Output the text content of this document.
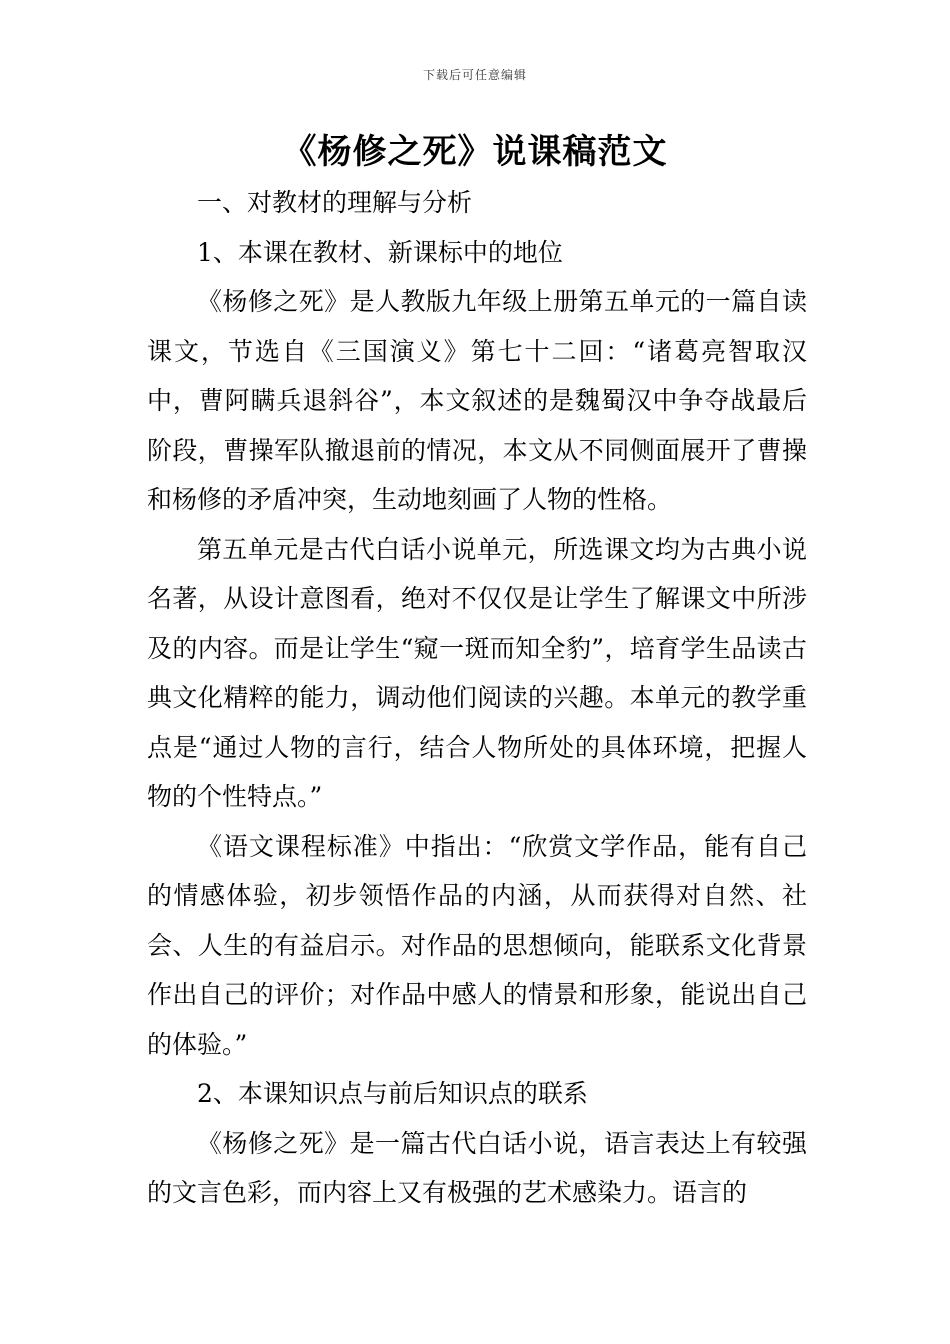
下载后可任意编辑
《杨修之死》说课稿范文

一、对教材的理解与分析

1、本课在教材、新课标中的地位

《杨修之死》是人教版九年级上册第五单元的一篇自读课文，节选自《三国演义》第七十二回：“诸葛亮智取汉中，曹阿瞒兵退斜谷”，本文叙述的是魏蜀汉中争夺战最后阶段，曹操军队撤退前的情况，本文从不同侧面展开了曹操和杨修的矛盾冲突，生动地刻画了人物的性格。

第五单元是古代白话小说单元，所选课文均为古典小说名著，从设计意图看，绝对不仅仅是让学生了解课文中所涉及的内容。而是让学生“窥一斑而知全豹”，培育学生品读古典文化精粹的能力，调动他们阅读的兴趣。本单元的教学重点是“通过人物的言行，结合人物所处的具体环境，把握人物的个性特点。”

《语文课程标准》中指出：“欣赏文学作品，能有自己的情感体验，初步领悟作品的内涵，从而获得对自然、社会、人生的有益启示。对作品的思想倾向，能联系文化背景作出自己的评价；对作品中感人的情景和形象，能说出自己的体验。”

2、本课知识点与前后知识点的联系

《杨修之死》是一篇古代白话小说，语言表达上有较强的文言色彩，而内容上又有极强的艺术感染力。语言的
